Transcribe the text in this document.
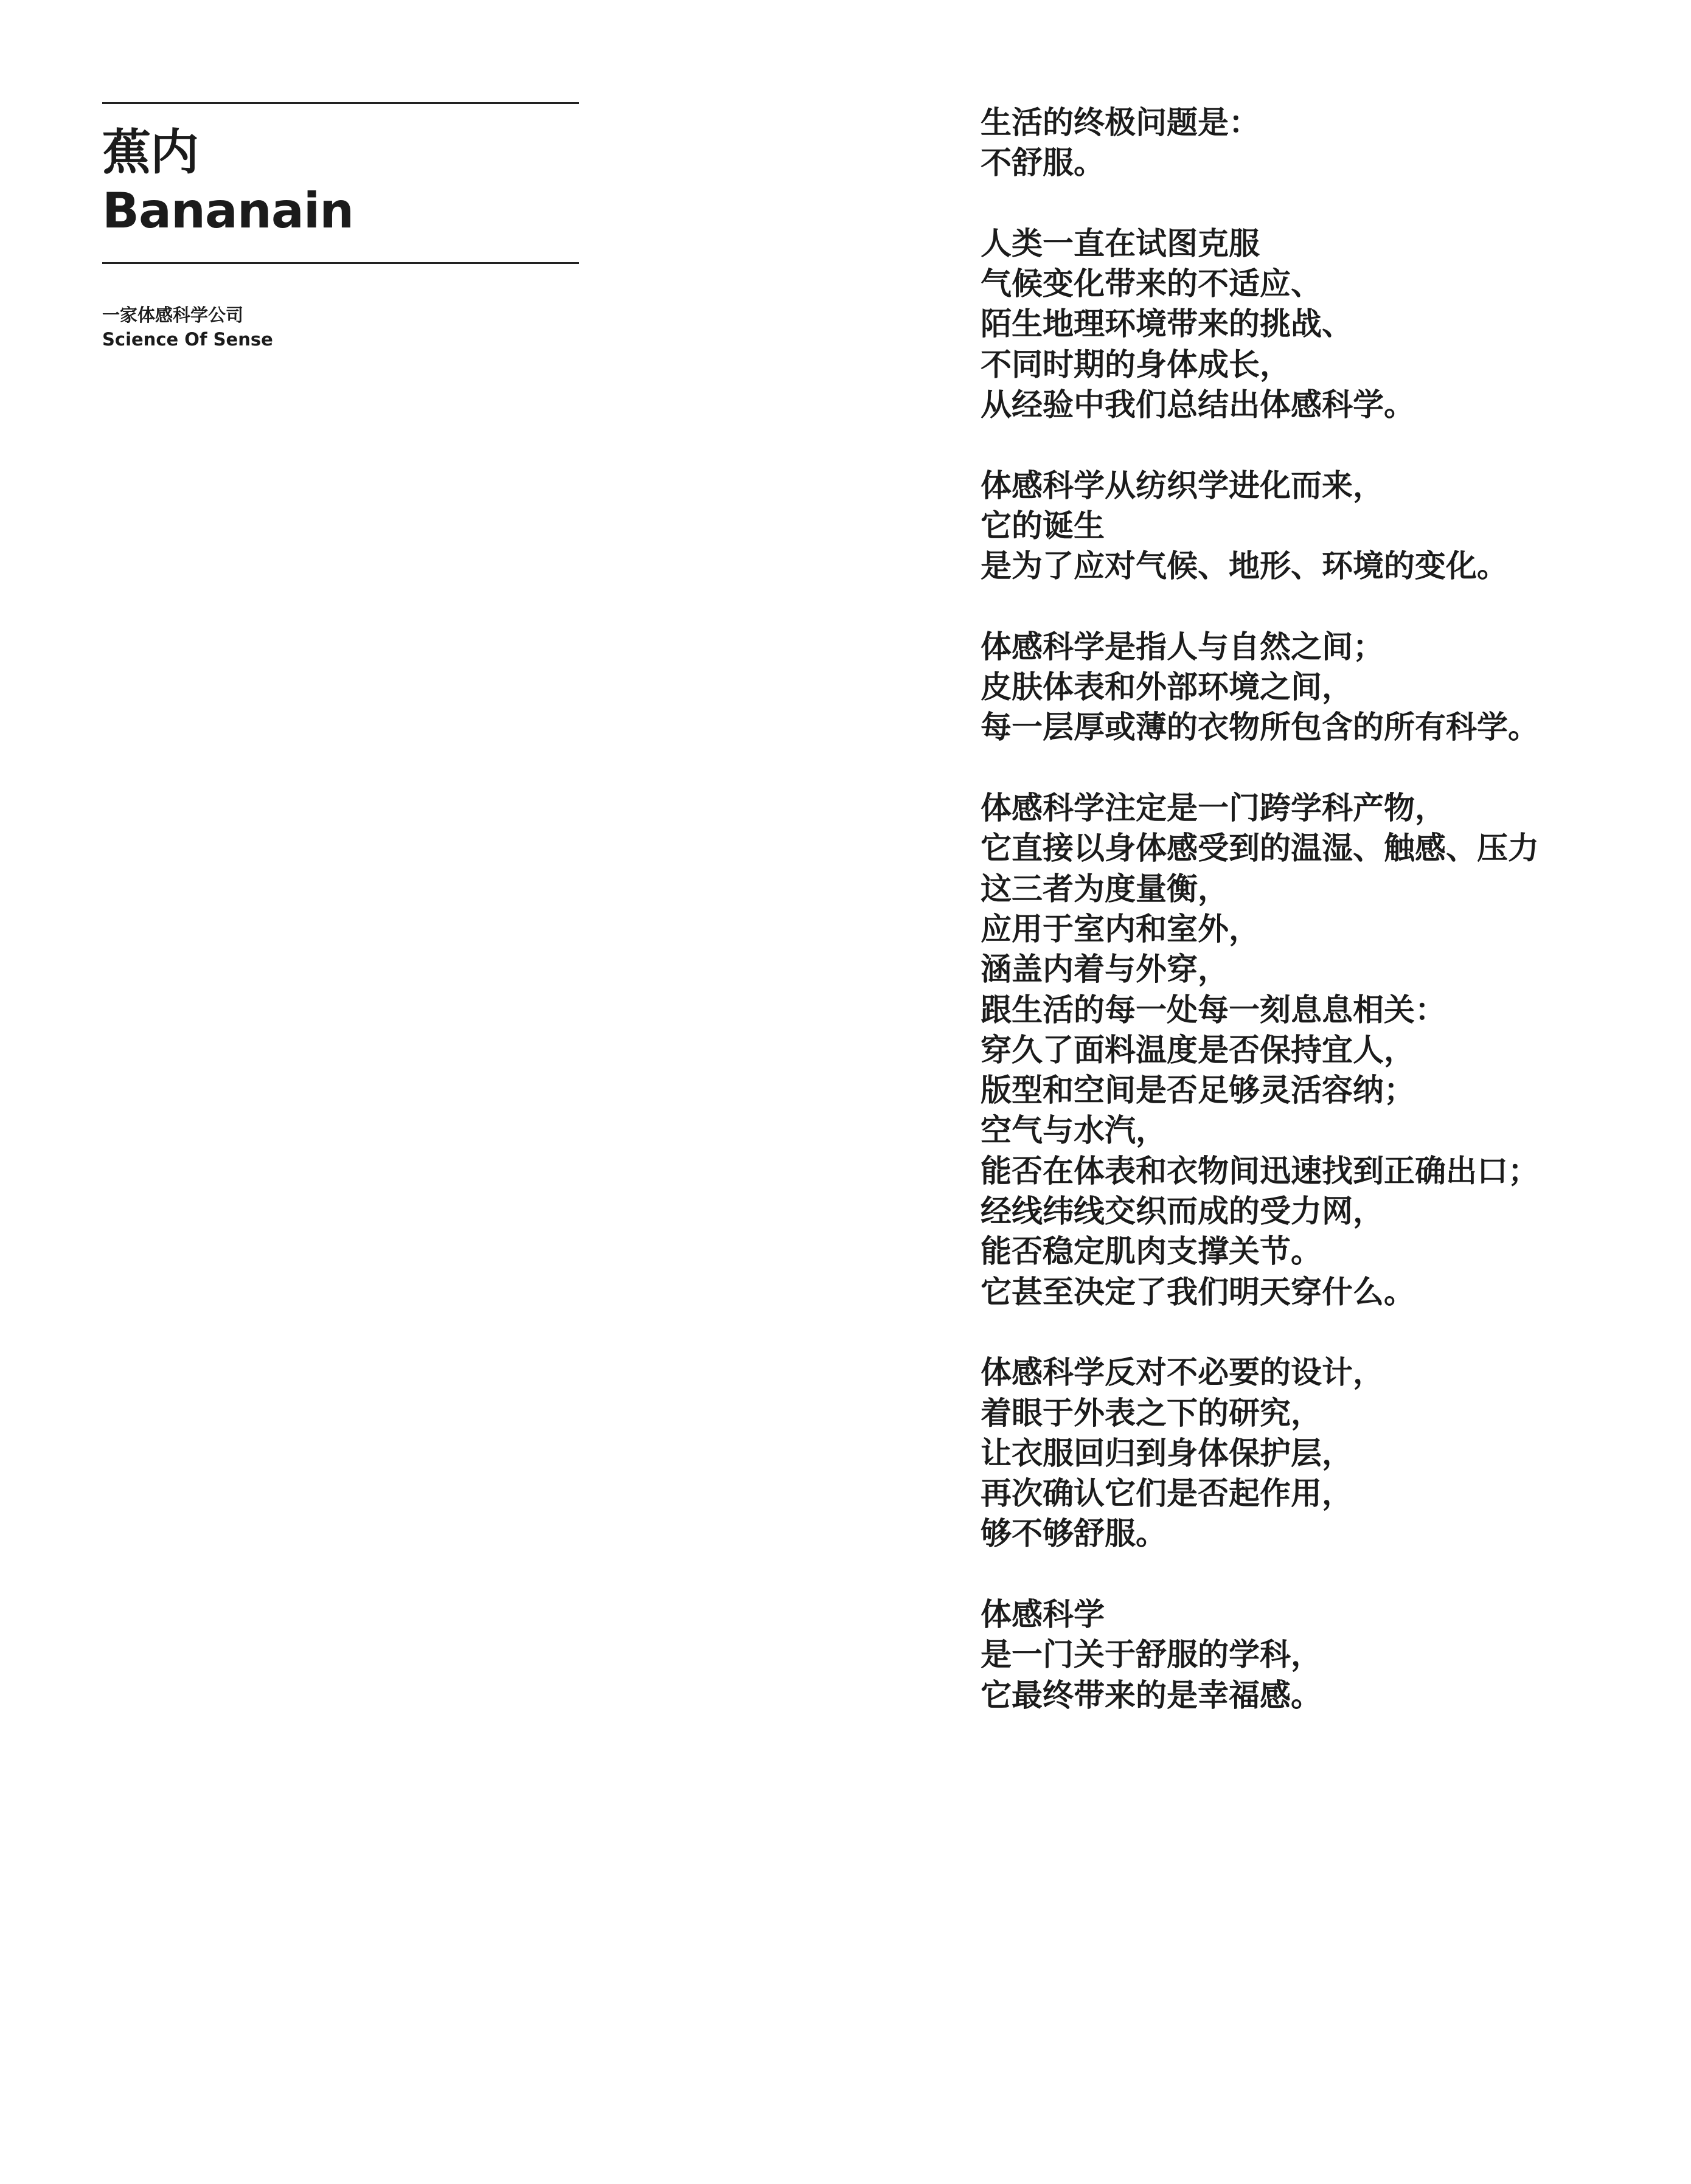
蕉内
Bananain
一家体感科学公司
Science Of Sense
生活的终极问题是：
不舒服。
人类一直在试图克服
气候变化带来的不适应、
陌生地理环境带来的挑战、
不同时期的身体成长，
从经验中我们总结出体感科学。
体感科学从纺织学进化而来，
它的诞生
是为了应对气候、地形、环境的变化。
体感科学是指人与自然之间；
皮肤体表和外部环境之间，
每一层厚或薄的衣物所包含的所有科学。
体感科学注定是一门跨学科产物，
它直接以身体感受到的温湿、触感、压力
这三者为度量衡，
应用于室内和室外，
涵盖内着与外穿，
跟生活的每一处每一刻息息相关：
穿久了面料温度是否保持宜人，
版型和空间是否足够灵活容纳；
空气与水汽，
能否在体表和衣物间迅速找到正确出口；
经线纬线交织而成的受力网，
能否稳定肌肉支撑关节。
它甚至决定了我们明天穿什么。
体感科学反对不必要的设计，
着眼于外表之下的研究，
让衣服回归到身体保护层，
再次确认它们是否起作用，
够不够舒服。
体感科学
是一门关于舒服的学科，
它最终带来的是幸福感。
